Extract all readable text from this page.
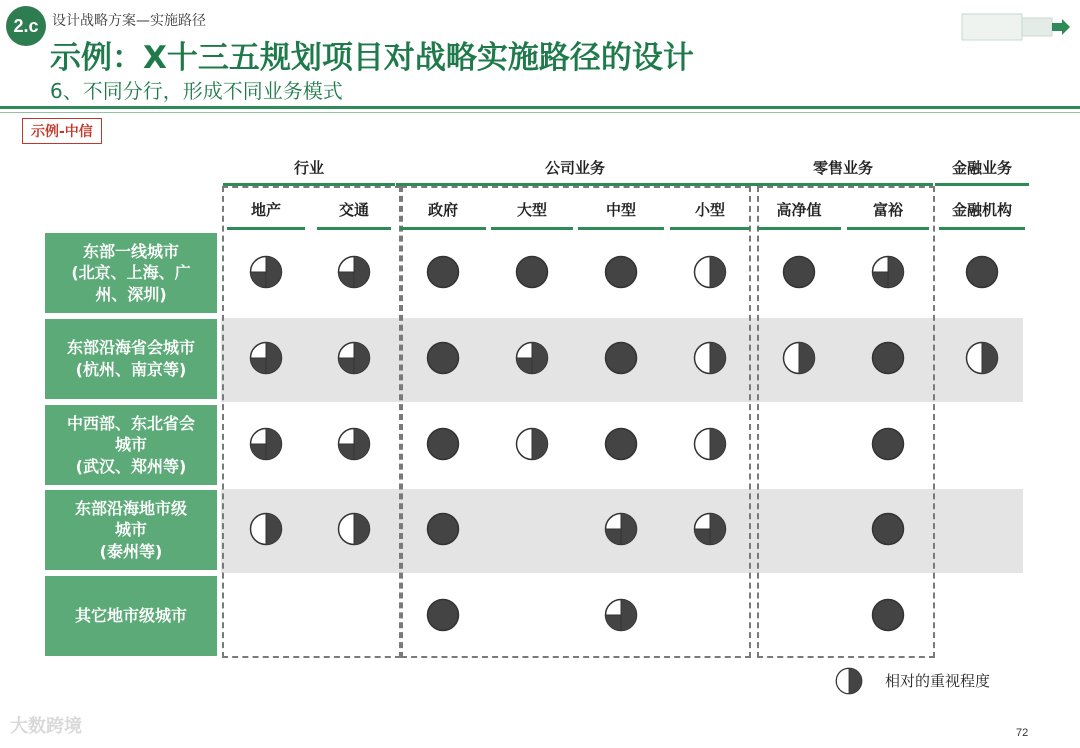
2.c 设计战略方案—实施路径
示例：X十三五规划项目对战略实施路径的设计
6、不同分行，形成不同业务模式
示例-中信
行业	公司业务	零售业务	金融业务
地产	交通	政府	大型	中型	小型	高净值	富裕	金融机构
东部一线城市
(北京、上海、广
州、深圳)
东部沿海省会城市
(杭州、南京等)
中西部、东北省会
城市
(武汉、郑州等)
东部沿海地市级
城市
(泰州等)
其它地市级城市
相对的重视程度
大数跨境	72
